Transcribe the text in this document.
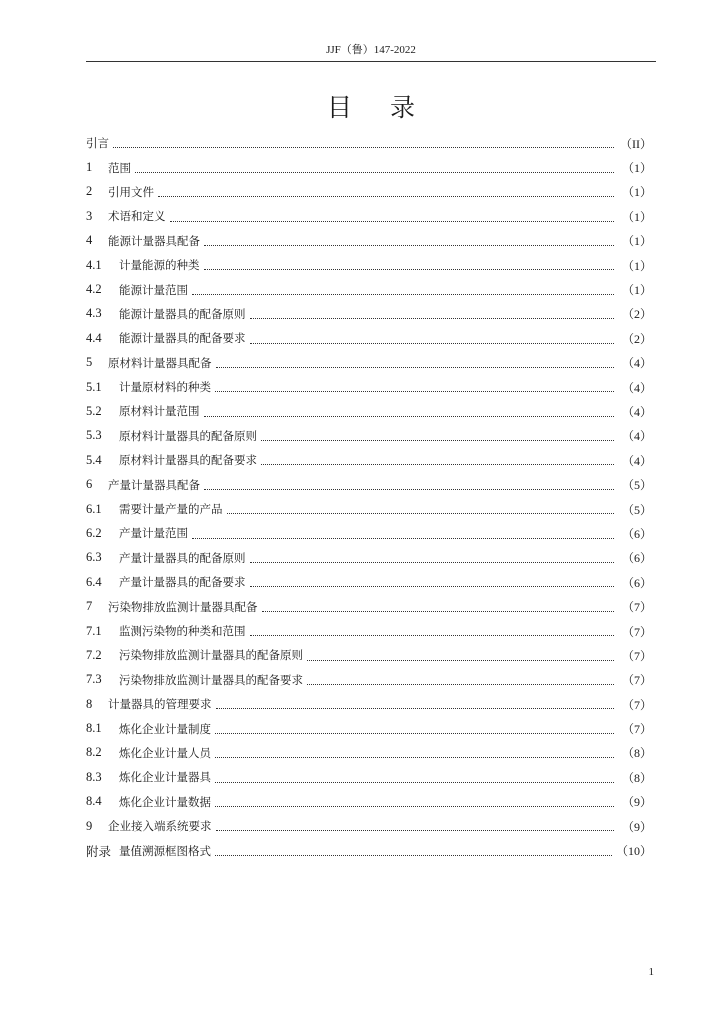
JJF（鲁）147-2022
目录
引言	（II）
1	范围	（1）
2	引用文件	（1）
3	术语和定义	（1）
4	能源计量器具配备	（1）
4.1	计量能源的种类	（1）
4.2	能源计量范围	（1）
4.3	能源计量器具的配备原则	（2）
4.4	能源计量器具的配备要求	（2）
5	原材料计量器具配备	（4）
5.1	计量原材料的种类	（4）
5.2	原材料计量范围	（4）
5.3	原材料计量器具的配备原则	（4）
5.4	原材料计量器具的配备要求	（4）
6	产量计量器具配备	（5）
6.1	需要计量产量的产品	（5）
6.2	产量计量范围	（6）
6.3	产量计量器具的配备原则	（6）
6.4	产量计量器具的配备要求	（6）
7	污染物排放监测计量器具配备	（7）
7.1	监测污染物的种类和范围	（7）
7.2	污染物排放监测计量器具的配备原则	（7）
7.3	污染物排放监测计量器具的配备要求	（7）
8	计量器具的管理要求	（7）
8.1	炼化企业计量制度	（7）
8.2	炼化企业计量人员	（8）
8.3	炼化企业计量器具	（8）
8.4	炼化企业计量数据	（9）
9	企业接入端系统要求	（9）
附录 量值溯源框图格式	（10）
1
